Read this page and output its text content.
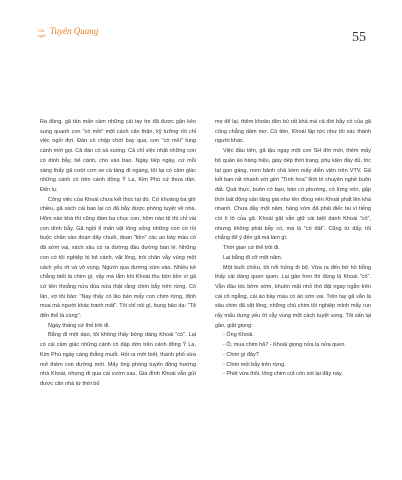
Văn nghệ Tuyên Quang	55

Ra đồng, gã tấn mấn cầm những cái tay tre đã được găn kẻo sung quanh con "cò mồi" một cách cẩn thận, kỹ lưỡng rồi chỉ việc ngồi đợi. Đàn cò chập chới bay qua, con "cò mồi" tung cánh mời gọi. Cả đàn cò sà xuống. Cả chỉ việc nhặt những con cò dính bẫy, bẻ cánh, cho vào bao. Ngày tiếp ngày, cứ mỗi sáng thấy gã cười cơn xe cà tàng đi ngang, tôi lại có cảm giác những cánh cò trên cánh đồng Ỷ La, Kim Phú cứ thưa dần. Đến lụ.

Công việc của Khoái chưa kết thúc tại đó. Cứ khoảng ba giờ chiều, gã xách cái bao lại có đã bẫy được phóng tuyệt về nhà. Hôm nào khá thì cũng đám ba chục con, hôm nào tệ thì chỉ vài con dính bẫy. Gã ngồi tỉ mẩn vặt lông sống những con cò rồi buộc chân vào đoạn dây chuối, đoan "tiền" các ao bày màu có đã sớm vai, xách xâu cò ra đường đầu đường bán lẻ. Những con cò tội nghiệp bị bẻ cánh, vặt lông, trói chân vẫy vùng một cách yếu ớt và vô vọng. Người qua đường xúm vào. Nhiều kẻ chẳng biết là chim gì, vậy mà lắm khi Khoái thu bộn tiền vì gã cứ liền thoắng nửa đùa nửa thật rằng chim bẫy trên rừng. Có lần, vợ tôi bảo: "Nay thấy có lão bán mấy con chim rừng, định mua mà người khác tranh mất". Tôi chỉ nói gì, bụng bảo dạ: "Tệ đến thế là cùng".

Ngày tháng cứ thế trôi đi.

Bẵng đi một dạo, tôi không thấy bóng dáng Khoái "cò". Lại có cái cảm giác những cánh cò dập dờn trên cánh đồng Ỷ La, Kim Phú ngày càng thẳng muốt. Hỏi ra mới biết, thành phố vừa mở thêm con đường mới. Mấy ông phòng tuyến đồng hướng nhà Khoái, nhưng đi qua cái vườn sau. Gia đình Khoái vẫn gửi được căn nhà từ thời bố

mẹ để lại, thêm khoản đền bù rất khá mà cả đời bẫy cò của gã cũng chẳng dám mơ. Có tiền, Khoái lập tức như tôi xác thành người khác.

Việc đầu tiên, gã tậu ngay một con SH đời mới, thêm mấy bộ quần áo hàng hiệu, giày dép thời trang, phụ kiện đầy đủ, tóc tai gọn gàng, nom bảnh chả kém mấy diễn viên trên VTV. Gã kết bạn rất nhanh với giới "Tình hoa" tỉnh lẻ chuyên nghề buôn đất. Quả thực, buôn có bạn, bán có phường, có lừng vốn, gặp thời bất động sản tăng giá như lên đồng nên Khoái phất lên khá nhanh. Chưa đầy một năm, hàng xóm đã phải điếc tai vì tiếng còi ô tô của gã. Khoái gặt vẫn giữ cái biệt danh Khoái "cò", nhưng không phải bẫy cò, mà là "cò đất". Cũng từ đấy, tôi chẳng để ý đến gã mà làm gì.

Thời gian cứ thế trôi đi.

Lại bẵng đi cỡ một năm.

Một buổi chiều, tôi nổi hứng đi bộ. Vừa ra đến bờ hồ bỗng thấy cái dáng quen quen. Lại gần hơn thì đúng là Khoái "cò". Vẫn đầu tóc bờm xờm, khuôn mặt nhỏ thó đặt ngay ngắn trên cái cổ ngẳng, cái áo bày màu cò áo sờn vai. Trên tay gã vẫn là xâu chim đã vặt lông, những chú chim tội nghiệp mình mẩy run rẩy mấu dựng yếu ớt vẫy vùng một cách tuyệt vọng. Tôi sấn lại gần, giật giọng:

- Ông Khoái.

- Ô, mua chim hả? - Khoái giọng nửa lạ nửa quen.

- Chim gì đây?

- Chim mồi bẫy trên rừng.

- Phét vừa thôi, lông chim cút còn sót lại đây này.
